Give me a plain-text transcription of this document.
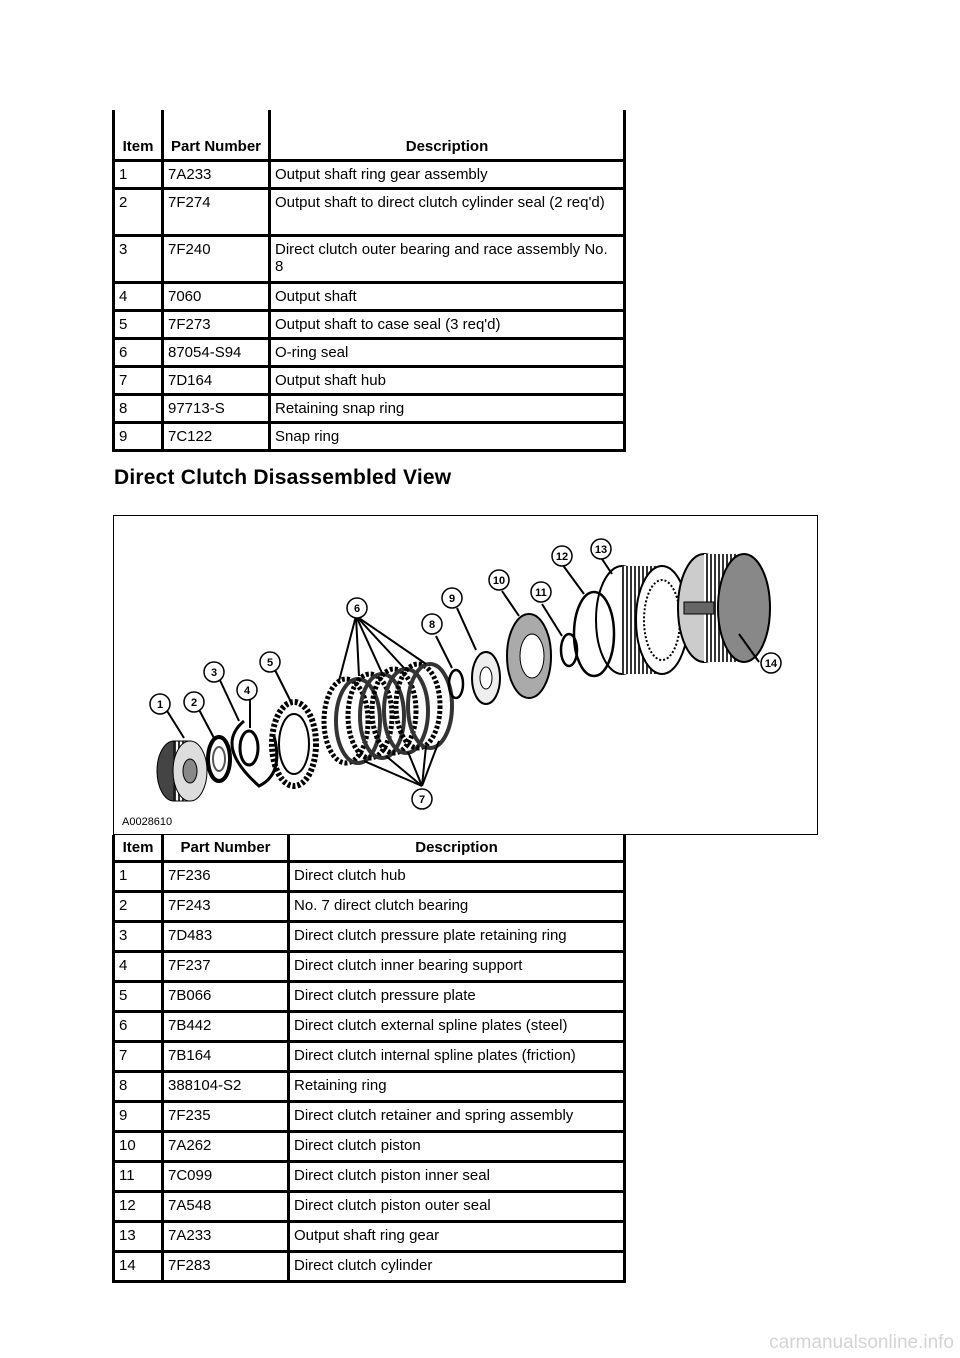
Item	Part Number	Description
1	7A233	Output shaft ring gear assembly
2	7F274	Output shaft to direct clutch cylinder seal (2 req'd)
3	7F240	Direct clutch outer bearing and race assembly No. 8
4	7060	Output shaft
5	7F273	Output shaft to case seal (3 req'd)
6	87054-S94	O-ring seal
7	7D164	Output shaft hub
8	97713-S	Retaining snap ring
9	7C122	Snap ring
Direct Clutch Disassembled View
1	2
3
4
5
6
7
8
9
10
11
12
13
14
A0028610
Item	Part Number	Description
1	7F236	Direct clutch hub
2	7F243	No. 7 direct clutch bearing
3	7D483	Direct clutch pressure plate retaining ring
4	7F237	Direct clutch inner bearing support
5	7B066	Direct clutch pressure plate
6	7B442	Direct clutch external spline plates (steel)
7	7B164	Direct clutch internal spline plates (friction)
8	388104-S2	Retaining ring
9	7F235	Direct clutch retainer and spring assembly
10	7A262	Direct clutch piston
11	7C099	Direct clutch piston inner seal
12	7A548	Direct clutch piston outer seal
13	7A233	Output shaft ring gear
14	7F283	Direct clutch cylinder
carmanualsonline.info
